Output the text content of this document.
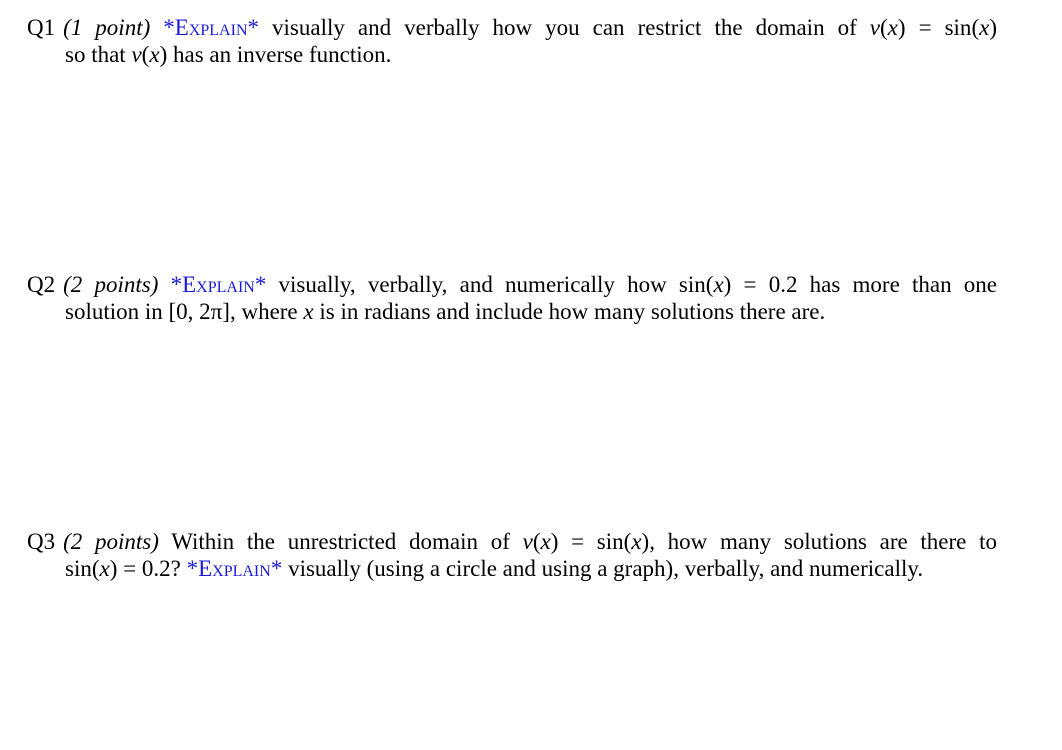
Q1 (1 point) *Explain* visually and verbally how you can restrict the domain of v(x) = sin(x)
so that v(x) has an inverse function.
Q2 (2 points) *Explain* visually, verbally, and numerically how sin(x) = 0.2 has more than one
solution in [0, 2π], where x is in radians and include how many solutions there are.
Q3 (2 points) Within the unrestricted domain of v(x) = sin(x), how many solutions are there to
sin(x) = 0.2? *Explain* visually (using a circle and using a graph), verbally, and numerically.
